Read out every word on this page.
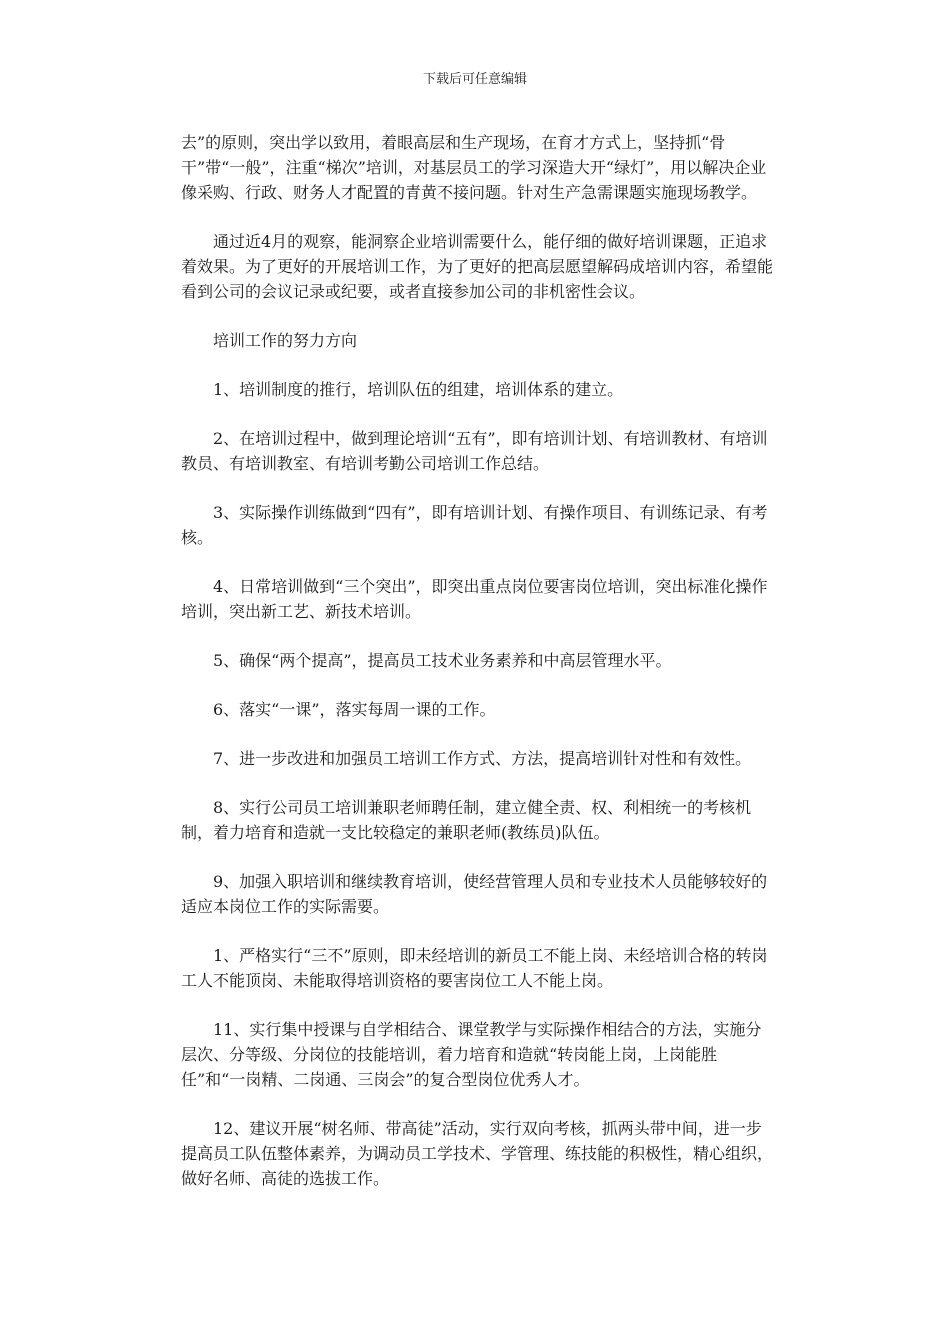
下载后可任意编辑

去”的原则，突出学以致用，着眼高层和生产现场，在育才方式上，坚持抓“骨干”带“一般”，注重“梯次”培训，对基层员工的学习深造大开“绿灯”，用以解决企业像采购、行政、财务人才配置的青黄不接问题。针对生产急需课题实施现场教学。

通过近4月的观察，能洞察企业培训需要什么，能仔细的做好培训课题，正追求着效果。为了更好的开展培训工作，为了更好的把高层愿望解码成培训内容，希望能看到公司的会议记录或纪要，或者直接参加公司的非机密性会议。

培训工作的努力方向

1、培训制度的推行，培训队伍的组建，培训体系的建立。

2、在培训过程中，做到理论培训“五有”，即有培训计划、有培训教材、有培训教员、有培训教室、有培训考勤公司培训工作总结。

3、实际操作训练做到“四有”，即有培训计划、有操作项目、有训练记录、有考核。

4、日常培训做到“三个突出”，即突出重点岗位要害岗位培训，突出标准化操作培训，突出新工艺、新技术培训。

5、确保“两个提高”，提高员工技术业务素养和中高层管理水平。

6、落实“一课”，落实每周一课的工作。

7、进一步改进和加强员工培训工作方式、方法，提高培训针对性和有效性。

8、实行公司员工培训兼职老师聘任制，建立健全责、权、利相统一的考核机制，着力培育和造就一支比较稳定的兼职老师(教练员)队伍。

9、加强入职培训和继续教育培训，使经营管理人员和专业技术人员能够较好的适应本岗位工作的实际需要。

1、严格实行“三不”原则，即未经培训的新员工不能上岗、未经培训合格的转岗工人不能顶岗、未能取得培训资格的要害岗位工人不能上岗。

11、实行集中授课与自学相结合、课堂教学与实际操作相结合的方法，实施分层次、分等级、分岗位的技能培训，着力培育和造就“转岗能上岗，上岗能胜任”和“一岗精、二岗通、三岗会”的复合型岗位优秀人才。

12、建议开展“树名师、带高徒”活动，实行双向考核，抓两头带中间，进一步提高员工队伍整体素养，为调动员工学技术、学管理、练技能的积极性，精心组织，做好名师、高徒的选拔工作。
